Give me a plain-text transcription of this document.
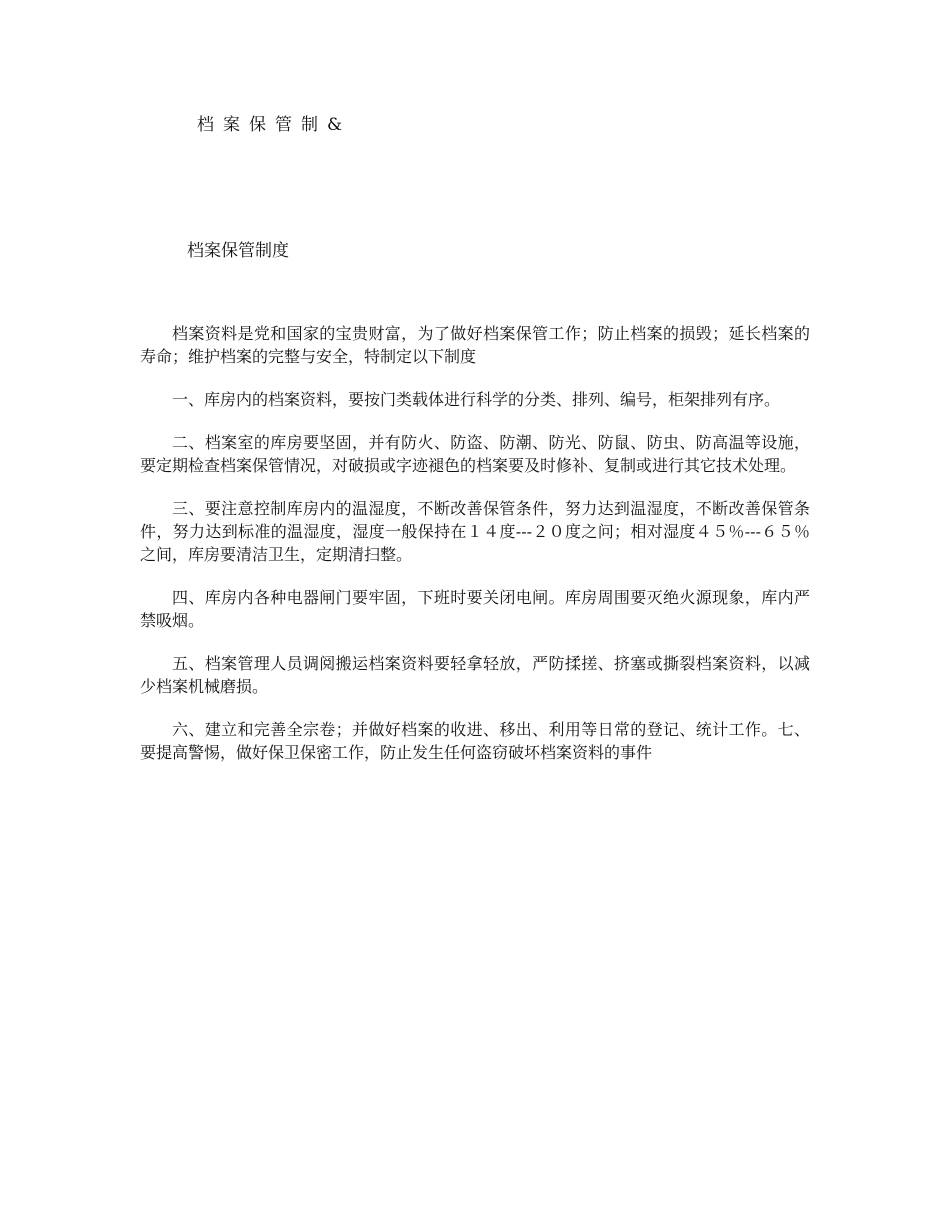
档案保管制&
档案保管制度

档案资料是党和国家的宝贵财富，为了做好档案保管工作；防止档案的损毁；延长档案的寿命；维护档案的完整与安全，特制定以下制度

一、库房内的档案资料，要按门类载体进行科学的分类、排列、编号，柜架排列有序。

二、档案室的库房要坚固，并有防火、防盗、防潮、防光、防鼠、防虫、防高温等设施，要定期检查档案保管情况，对破损或字迹褪色的档案要及时修补、复制或进行其它技术处理。

三、要注意控制库房内的温湿度，不断改善保管条件，努力达到温湿度，不断改善保管条件，努力达到标准的温湿度，湿度一般保持在１４度---２０度之问；相对湿度４５％---６５％之间，库房要清洁卫生，定期清扫整。

四、库房内各种电器闸门要牢固，下班时要关闭电闸。库房周围要灭绝火源现象，库内严禁吸烟。

五、档案管理人员调阅搬运档案资料要轻拿轻放，严防揉搓、挤塞或撕裂档案资料，以减少档案机械磨损。

六、建立和完善全宗卷；并做好档案的收进、移出、利用等日常的登记、统计工作。七、要提高警惕，做好保卫保密工作，防止发生任何盗窃破坏档案资料的事件
